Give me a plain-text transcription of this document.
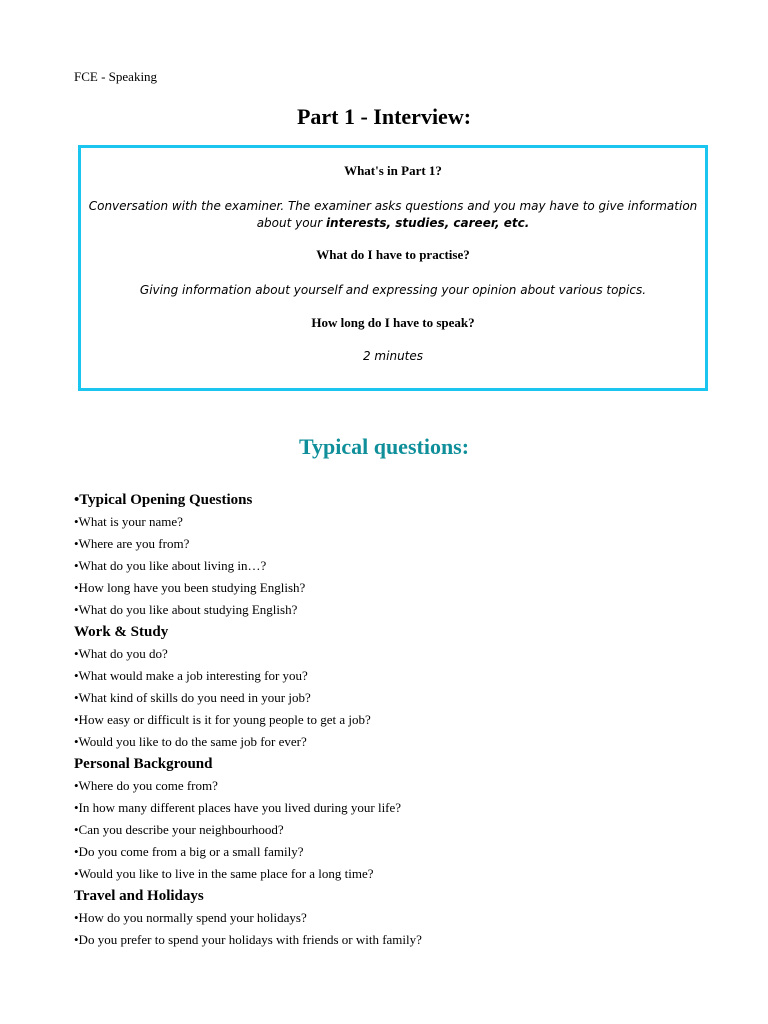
FCE - Speaking
Part 1 - Interview:
What's in Part 1?
Conversation with the examiner. The examiner asks questions and you may have to give information
about your interests, studies, career, etc.
What do I have to practise?
Giving information about yourself and expressing your opinion about various topics.
How long do I have to speak?
2 minutes
Typical questions:
•Typical Opening Questions
•What is your name?
•Where are you from?
•What do you like about living in…?
•How long have you been studying English?
•What do you like about studying English?
Work & Study
•What do you do?
•What would make a job interesting for you?
•What kind of skills do you need in your job?
•How easy or difficult is it for young people to get a job?
•Would you like to do the same job for ever?
Personal Background
•Where do you come from?
•In how many different places have you lived during your life?
•Can you describe your neighbourhood?
•Do you come from a big or a small family?
•Would you like to live in the same place for a long time?
Travel and Holidays
•How do you normally spend your holidays?
•Do you prefer to spend your holidays with friends or with family?
